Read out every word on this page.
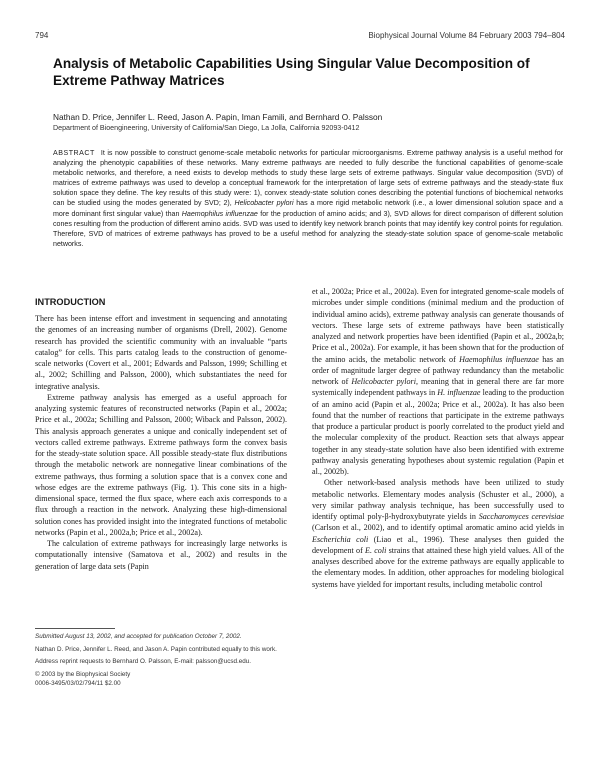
794	Biophysical Journal Volume 84 February 2003 794–804
Analysis of Metabolic Capabilities Using Singular Value Decomposition of Extreme Pathway Matrices
Nathan D. Price, Jennifer L. Reed, Jason A. Papin, Iman Famili, and Bernhard O. Palsson
Department of Bioengineering, University of California/San Diego, La Jolla, California 92093-0412

ABSTRACT It is now possible to construct genome-scale metabolic networks for particular microorganisms. Extreme pathway analysis is a useful method for analyzing the phenotypic capabilities of these networks. Many extreme pathways are needed to fully describe the functional capabilities of genome-scale metabolic networks, and therefore, a need exists to develop methods to study these large sets of extreme pathways. Singular value decomposition (SVD) of matrices of extreme pathways was used to develop a conceptual framework for the interpretation of large sets of extreme pathways and the steady-state flux solution space they define. The key results of this study were: 1), convex steady-state solution cones describing the potential functions of biochemical networks can be studied using the modes generated by SVD; 2), Helicobacter pylori has a more rigid metabolic network (i.e., a lower dimensional solution space and a more dominant first singular value) than Haemophilus influenzae for the production of amino acids; and 3), SVD allows for direct comparison of different solution cones resulting from the production of different amino acids. SVD was used to identify key network branch points that may identify key control points for regulation. Therefore, SVD of matrices of extreme pathways has proved to be a useful method for analyzing the steady-state solution space of genome-scale metabolic networks.

INTRODUCTION

There has been intense effort and investment in sequencing and annotating the genomes of an increasing number of organisms (Drell, 2002). Genome research has provided the scientific community with an invaluable “parts catalog” for cells. This parts catalog leads to the construction of genome-scale networks (Covert et al., 2001; Edwards and Palsson, 1999; Schilling et al., 2002; Schilling and Palsson, 2000), which substantiates the need for integrative analysis.

Extreme pathway analysis has emerged as a useful approach for analyzing systemic features of reconstructed networks (Papin et al., 2002a; Price et al., 2002a; Schilling and Palsson, 2000; Wiback and Palsson, 2002). This analysis approach generates a unique and conically independent set of vectors called extreme pathways. Extreme pathways form the convex basis for the steady-state solution space. All possible steady-state flux distributions through the metabolic network are nonnegative linear combinations of the extreme pathways, thus forming a solution space that is a convex cone and whose edges are the extreme pathways (Fig. 1). This cone sits in a high-dimensional space, termed the flux space, where each axis corresponds to a flux through a reaction in the network. Analyzing these high-dimensional solution cones has provided insight into the integrated functions of metabolic networks (Papin et al., 2002a,b; Price et al., 2002a).

The calculation of extreme pathways for increasingly large networks is computationally intensive (Samatova et al., 2002) and results in the generation of large data sets (Papin

et al., 2002a; Price et al., 2002a). Even for integrated genome-scale models of microbes under simple conditions (minimal medium and the production of individual amino acids), extreme pathway analysis can generate thousands of vectors. These large sets of extreme pathways have been statistically analyzed and network properties have been identified (Papin et al., 2002a,b; Price et al., 2002a). For example, it has been shown that for the production of the amino acids, the metabolic network of Haemophilus influenzae has an order of magnitude larger degree of pathway redundancy than the metabolic network of Helicobacter pylori, meaning that in general there are far more systemically independent pathways in H. influenzae leading to the production of an amino acid (Papin et al., 2002a; Price et al., 2002a). It has also been found that the number of reactions that participate in the extreme pathways that produce a particular product is poorly correlated to the product yield and the molecular complexity of the product. Reaction sets that always appear together in any steady-state solution have also been identified with extreme pathway analysis generating hypotheses about systemic regulation (Papin et al., 2002b).

Other network-based analysis methods have been utilized to study metabolic networks. Elementary modes analysis (Schuster et al., 2000), a very similar pathway analysis technique, has been successfully used to identify optimal poly-β-hydroxybutyrate yields in Saccharomyces cerevisiae (Carlson et al., 2002), and to identify optimal aromatic amino acid yields in Escherichia coli (Liao et al., 1996). These analyses then guided the development of E. coli strains that attained these high yield values. All of the analyses described above for the extreme pathways are equally applicable to the elementary modes. In addition, other approaches for modeling biological systems have yielded for important results, including metabolic control

Submitted August 13, 2002, and accepted for publication October 7, 2002.
Nathan D. Price, Jennifer L. Reed, and Jason A. Papin contributed equally to this work.
Address reprint requests to Bernhard O. Palsson, E-mail: palsson@ucsd.edu.
© 2003 by the Biophysical Society
0006-3495/03/02/794/11 $2.00
